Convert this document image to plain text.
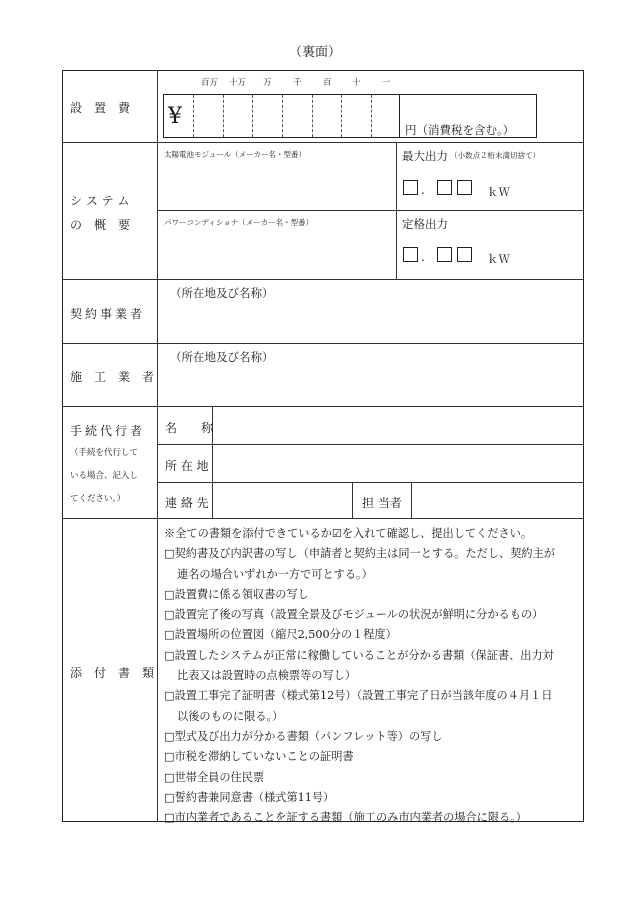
（裏面）
設　置　費
百万 十万 万	千	百 十	一
¥
円（消費税を含む。）
シ ス テ ム
の　概　要
太陽電池モジュール（メーカー名・型番）	最大出力 （小数点２桁未満切捨て）
.	ｋＷ
パワーコンディショナ（メーカー名・型番）	定格出力
.	ｋＷ
契約事業者
（所在地及び名称）
施　工　業　者
（所在地及び名称）
手続代行者
（手続を代行して
いる場合、記入し
てください。）
名　　称
所 在 地
連 絡 先	担 当者
添　付　書　類
※全ての書類を添付できているか☑を入れて確認し、提出してください。
□契約書及び内訳書の写し（申請者と契約主は同一とする。ただし、契約主が
連名の場合いずれか一方で可とする。）
□設置費に係る領収書の写し
□設置完了後の写真（設置全景及びモジュールの状況が鮮明に分かるもの）
□設置場所の位置図（縮尺2,500分の１程度）
□設置したシステムが正常に稼働していることが分かる書類（保証書、出力対
比表又は設置時の点検票等の写し）
□設置工事完了証明書（様式第12号）（設置工事完了日が当該年度の４月１日
以後のものに限る。）
□型式及び出力が分かる書類（パンフレット等）の写し
□市税を滞納していないことの証明書
□世帯全員の住民票
□誓約書兼同意書（様式第11号）
□市内業者であることを証する書類（施工のみ市内業者の場合に限る。）
